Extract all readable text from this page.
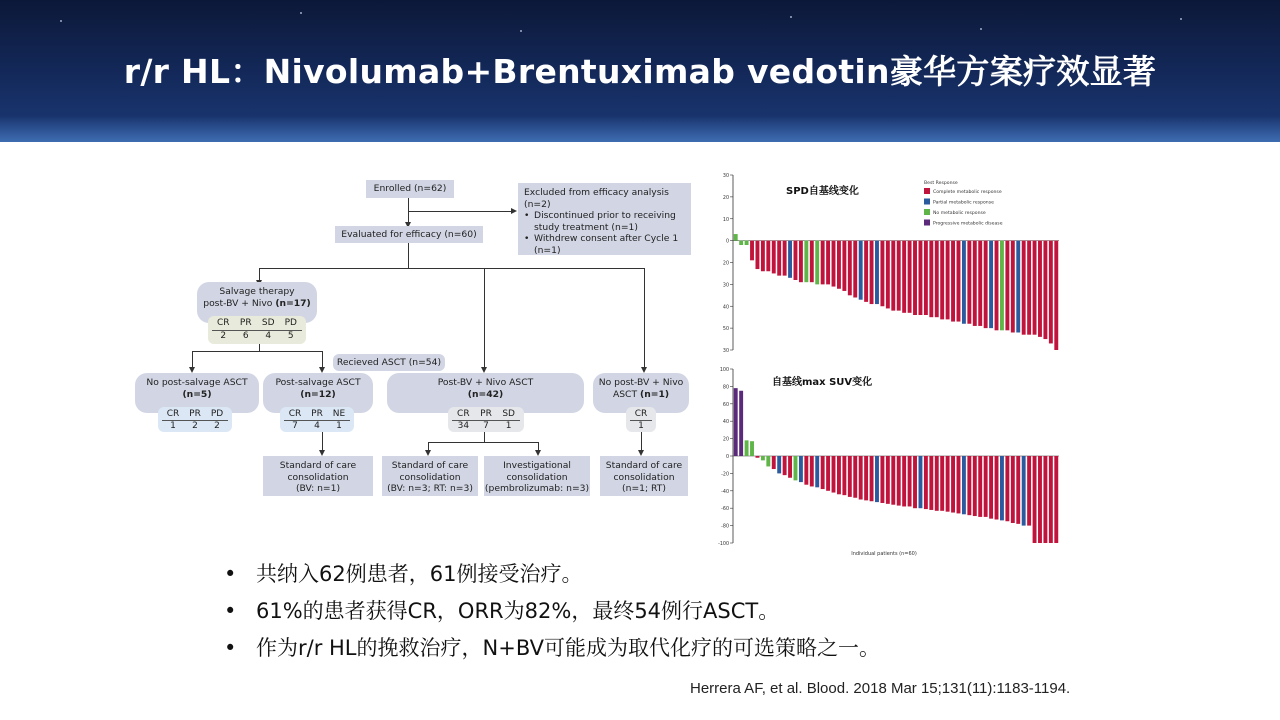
r/r HL：Nivolumab+Brentuximab vedotin豪华方案疗效显著
Enrolled (n=62)	Excluded from efficacy analysis (n=2)
• Discontinued prior to receiving study treatment (n=1)
• Withdrew consent after Cycle 1 (n=1)
Evaluated for efficacy (n=60)
Salvage therapy
post-BV + Nivo (n=17)
CR	PR	SD	PD
2	6	4	5
Recieved ASCT (n=54)
No post-salvage ASCT
(n=5)
CR	PR	PD
1	2	2
Post-salvage ASCT
(n=12)
CR	PR	NE
7	4	1
Post-BV + Nivo ASCT
(n=42)
CR	PR	SD
34	7	1
No post-BV + Nivo
ASCT (n=1)
CR
1
Standard of care
consolidation
(BV: n=1)
Standard of care
consolidation
(BV: n=3; RT: n=3)
Investigational
consolidation
(pembrolizumab: n=3)
Standard of care
consolidation
(n=1; RT)
30
20
10
0
20
30
40
50
30
SPD自基线变化
Best Response
Complete metabolic response
Partial metabolic response
No metabolic response
Progressive metabolic disease
100
80
60
40
20
0
-20
-40
-60
-80
-100
自基线max SUV变化
Individual patients (n=60)
• 共纳入62例患者，61例接受治疗。
• 61%的患者获得CR，ORR为82%，最终54例行ASCT。
• 作为r/r HL的挽救治疗，N+BV可能成为取代化疗的可选策略之一。
Herrera AF, et al. Blood. 2018 Mar 15;131(11):1183-1194.
